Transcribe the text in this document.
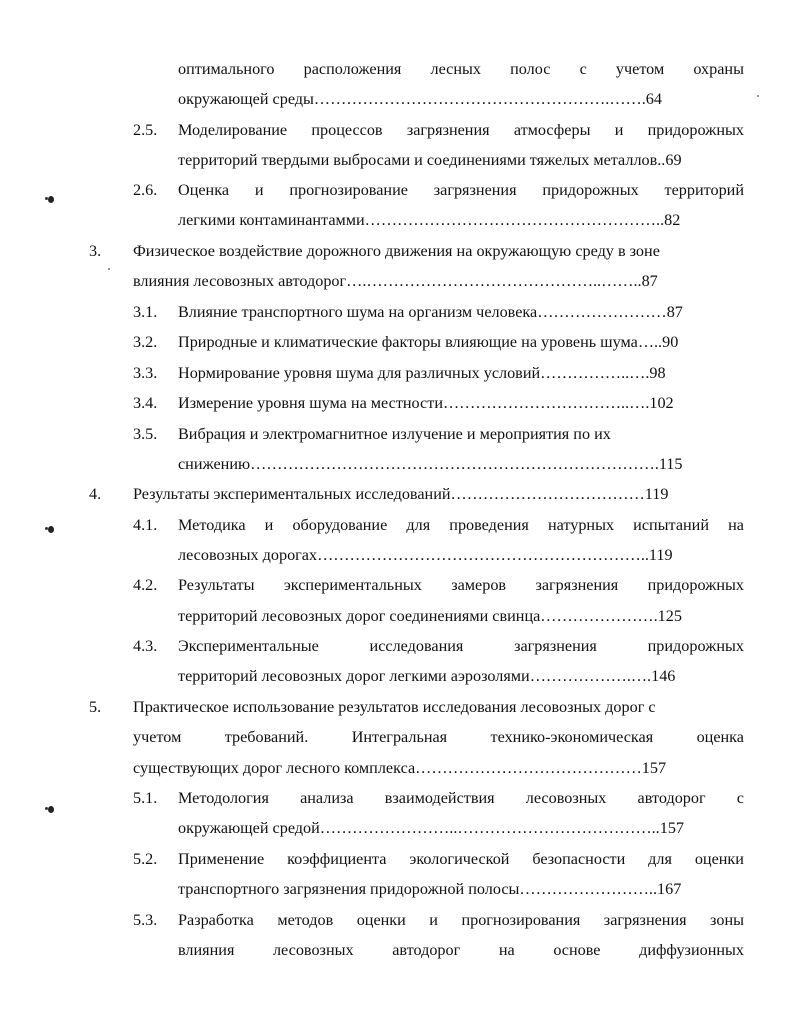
оптимального расположения лесных полос с учетом охраны
окружающей среды……………………………………………….…….64
2.5. Моделирование процессов загрязнения атмосферы и придорожных
территорий твердыми выбросами и соединениями тяжелых металлов..69
2.6. Оценка и прогнозирование загрязнения придорожных территорий
легкими контаминантамми………………………………………………..82
3. Физическое воздействие дорожного движения на окружающую среду в зоне
влияния лесовозных автодорог….……………………………………..……..87
3.1. Влияние транспортного шума на организм человека……………………87
3.2. Природные и климатические факторы влияющие на уровень шума…..90
3.3. Нормирование уровня шума для различных условий……………..….98
3.4. Измерение уровня шума на местности……………………………..….102
3.5. Вибрация и электромагнитное излучение и мероприятия по их
снижению………………………………………………………………….115
4. Результаты экспериментальных исследований………………………………119
4.1. Методика и оборудование для проведения натурных испытаний на
лесовозных дорогах……………………………………………………..119
4.2. Результаты экспериментальных замеров загрязнения придорожных
территорий лесовозных дорог соединениями свинца………………….125
4.3. Экспериментальные	исследования	загрязнения	придорожных
территорий лесовозных дорог легкими аэрозолями……………….….146
5. Практическое использование результатов исследования лесовозных дорог с
учетом	требований.	Интегральная	технико-экономическая	оценка
существующих дорог лесного комплекса……………………………………157
5.1. Методология анализа взаимодействия лесовозных автодорог с
окружающей средой……………………..………………………………..157
5.2. Применение коэффициента экологической безопасности для оценки
транспортного загрязнения придорожной полосы……………………..167
5.3. Разработка методов оценки и прогнозирования загрязнения зоны
влияния лесовозных автодорог на основе диффузионных
